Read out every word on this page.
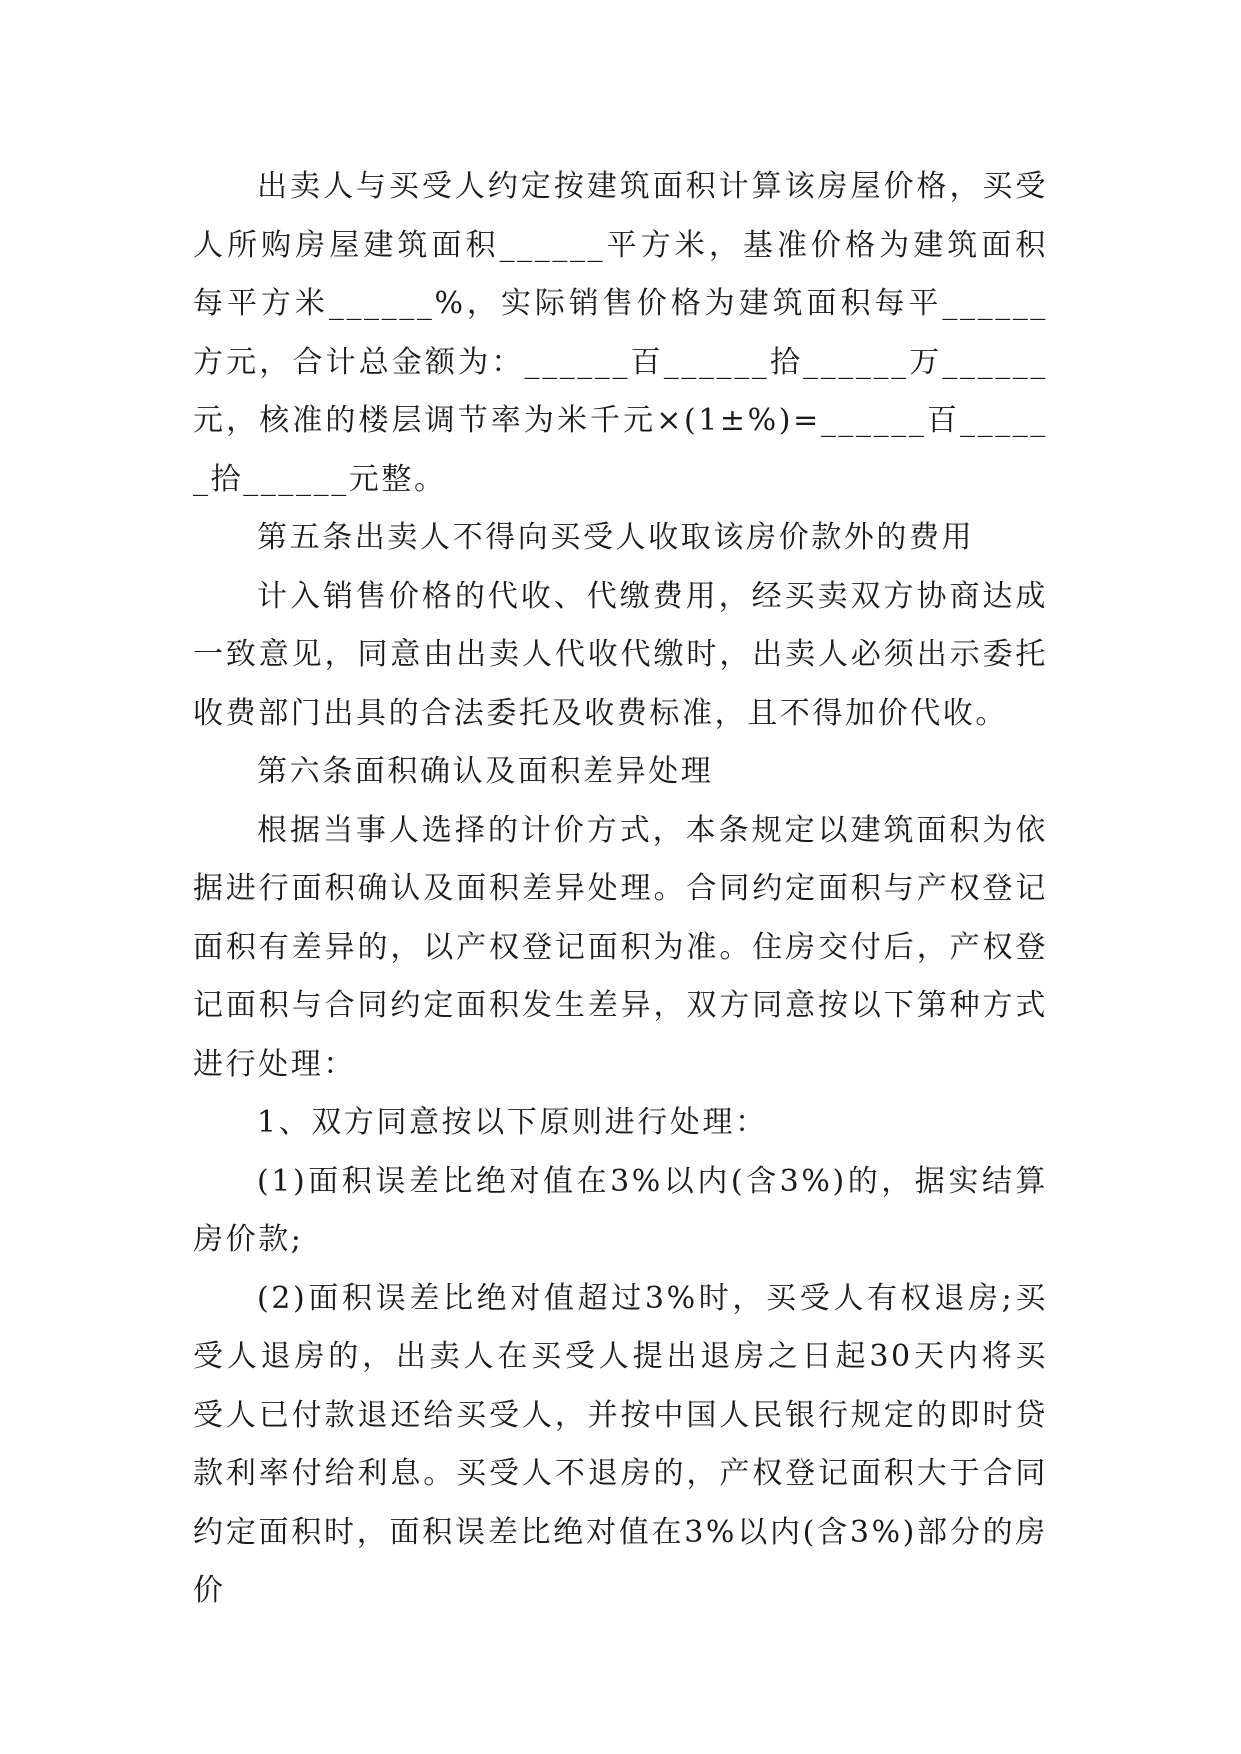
出卖人与买受人约定按建筑面积计算该房屋价格，买受人所购房屋建筑面积______平方米，基准价格为建筑面积每平方米______%，实际销售价格为建筑面积每平______方元，合计总金额为：______百______拾______万______元，核准的楼层调节率为米千元×(1±%)=______百______拾______元整。

第五条出卖人不得向买受人收取该房价款外的费用

计入销售价格的代收、代缴费用，经买卖双方协商达成一致意见，同意由出卖人代收代缴时，出卖人必须出示委托收费部门出具的合法委托及收费标准，且不得加价代收。

第六条面积确认及面积差异处理

根据当事人选择的计价方式，本条规定以建筑面积为依据进行面积确认及面积差异处理。合同约定面积与产权登记面积有差异的，以产权登记面积为准。住房交付后，产权登记面积与合同约定面积发生差异，双方同意按以下第种方式进行处理：

1、双方同意按以下原则进行处理：

(1)面积误差比绝对值在3%以内(含3%)的，据实结算房价款;

(2)面积误差比绝对值超过3%时，买受人有权退房;买受人退房的，出卖人在买受人提出退房之日起30天内将买受人已付款退还给买受人，并按中国人民银行规定的即时贷款利率付给利息。买受人不退房的，产权登记面积大于合同约定面积时，面积误差比绝对值在3%以内(含3%)部分的房价
